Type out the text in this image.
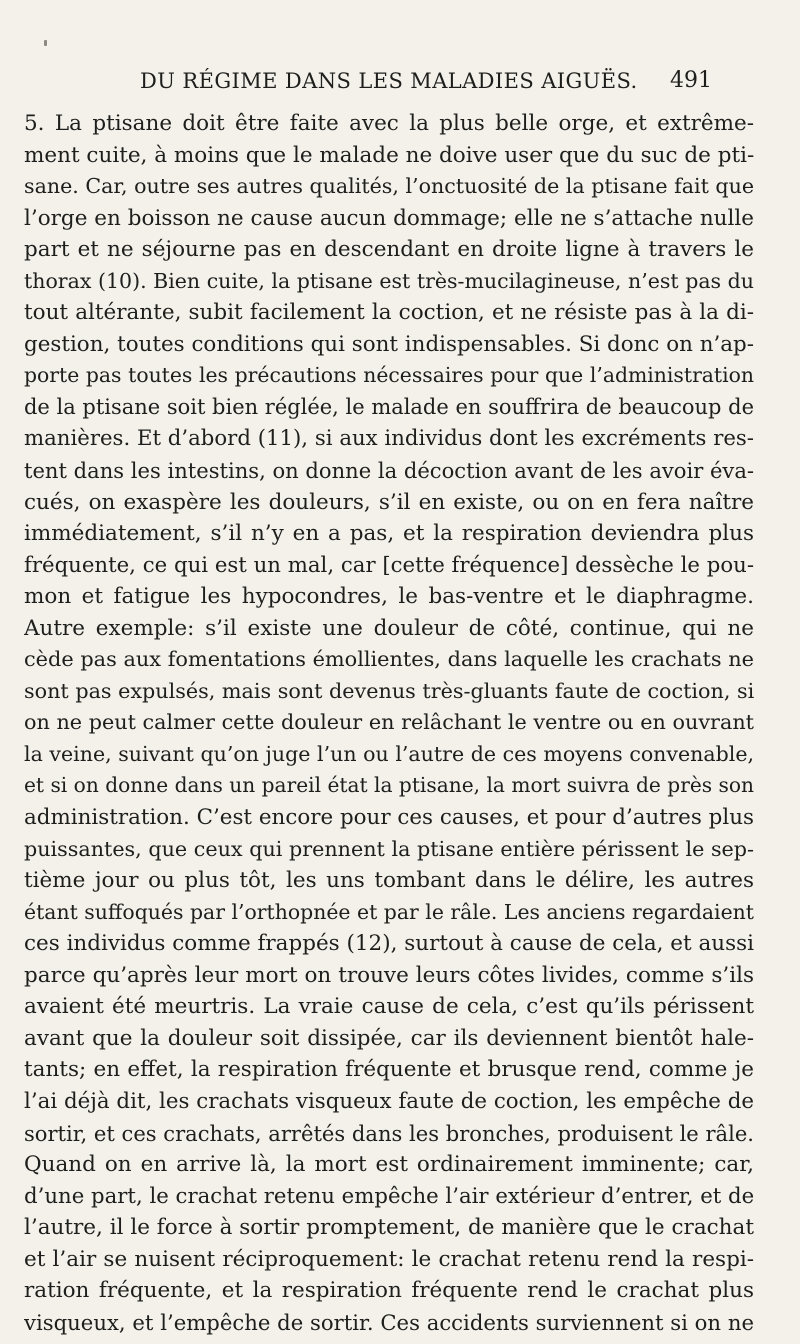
DU RÉGIME DANS LES MALADIES AIGUËS. 491
5. La ptisane doit être faite avec la plus belle orge, et extrême-
ment cuite, à moins que le malade ne doive user que du suc de pti-
sane. Car, outre ses autres qualités, l’onctuosité de la ptisane fait que
l’orge en boisson ne cause aucun dommage; elle ne s’attache nulle
part et ne séjourne pas en descendant en droite ligne à travers le
thorax (10). Bien cuite, la ptisane est très-mucilagineuse, n’est pas du
tout altérante, subit facilement la coction, et ne résiste pas à la di-
gestion, toutes conditions qui sont indispensables. Si donc on n’ap-
porte pas toutes les précautions nécessaires pour que l’administration
de la ptisane soit bien réglée, le malade en souffrira de beaucoup de
manières. Et d’abord (11), si aux individus dont les excréments res-
tent dans les intestins, on donne la décoction avant de les avoir éva-
cués, on exaspère les douleurs, s’il en existe, ou on en fera naître
immédiatement, s’il n’y en a pas, et la respiration deviendra plus
fréquente, ce qui est un mal, car [cette fréquence] dessèche le pou-
mon et fatigue les hypocondres, le bas-ventre et le diaphragme.
Autre exemple: s’il existe une douleur de côté, continue, qui ne
cède pas aux fomentations émollientes, dans laquelle les crachats ne
sont pas expulsés, mais sont devenus très-gluants faute de coction, si
on ne peut calmer cette douleur en relâchant le ventre ou en ouvrant
la veine, suivant qu’on juge l’un ou l’autre de ces moyens convenable,
et si on donne dans un pareil état la ptisane, la mort suivra de près son
administration. C’est encore pour ces causes, et pour d’autres plus
puissantes, que ceux qui prennent la ptisane entière périssent le sep-
tième jour ou plus tôt, les uns tombant dans le délire, les autres
étant suffoqués par l’orthopnée et par le râle. Les anciens regardaient
ces individus comme frappés (12), surtout à cause de cela, et aussi
parce qu’après leur mort on trouve leurs côtes livides, comme s’ils
avaient été meurtris. La vraie cause de cela, c’est qu’ils périssent
avant que la douleur soit dissipée, car ils deviennent bientôt hale-
tants; en effet, la respiration fréquente et brusque rend, comme je
l’ai déjà dit, les crachats visqueux faute de coction, les empêche de
sortir, et ces crachats, arrêtés dans les bronches, produisent le râle.
Quand on en arrive là, la mort est ordinairement imminente; car,
d’une part, le crachat retenu empêche l’air extérieur d’entrer, et de
l’autre, il le force à sortir promptement, de manière que le crachat
et l’air se nuisent réciproquement: le crachat retenu rend la respi-
ration fréquente, et la respiration fréquente rend le crachat plus
visqueux, et l’empêche de sortir. Ces accidents surviennent si on ne
